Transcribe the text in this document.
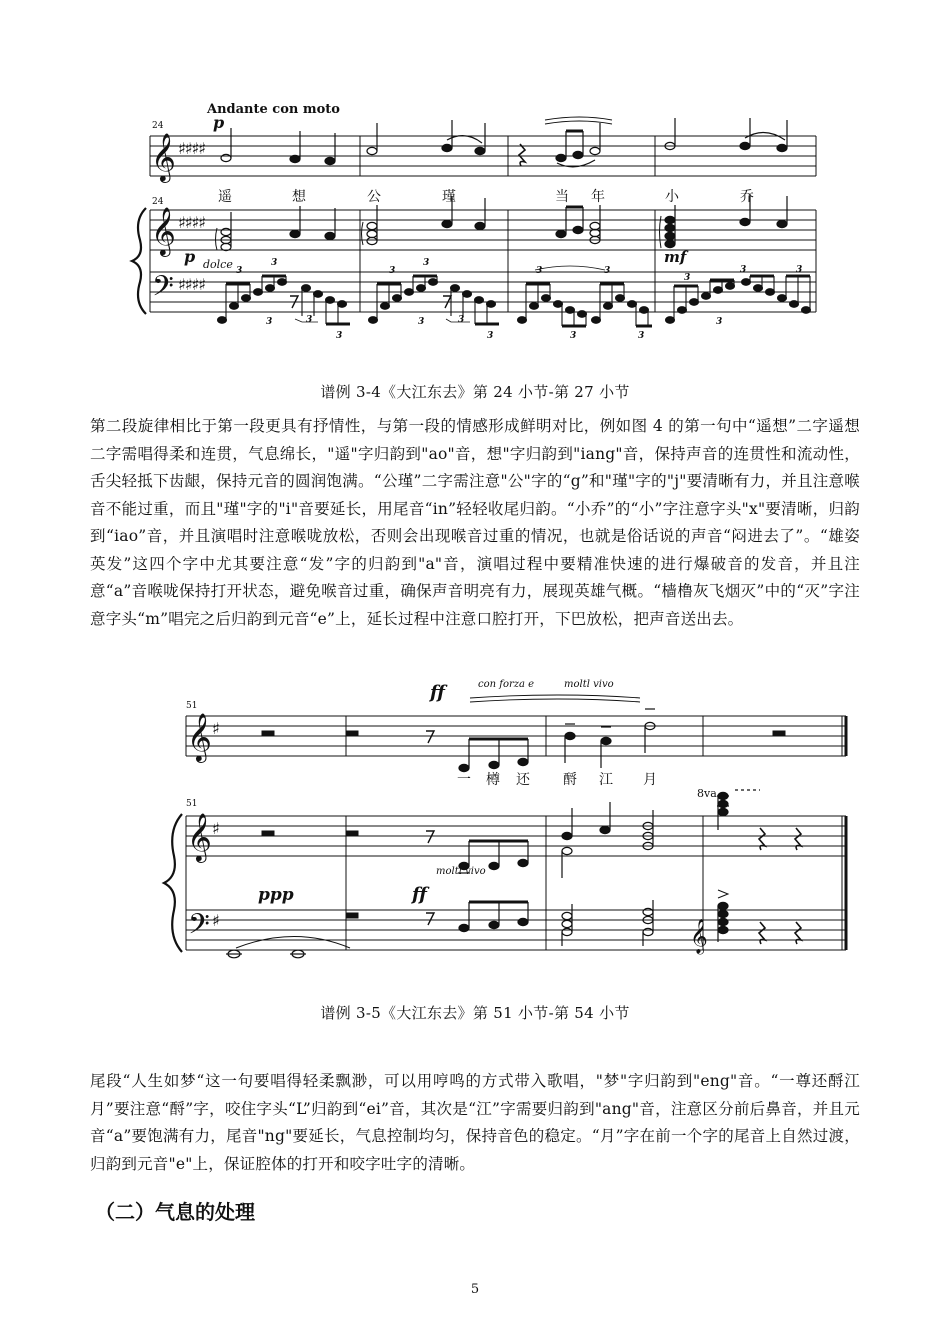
𝄞
𝄞
𝄢
♯♯♯♯
♯♯♯♯
♯♯♯♯
Andante con moto
24
24
p
p dolce	mf
遥	想	公	瑾	当 年	小	乔
3
3
3	3
3
3
3
3	3
3
3
3
3
3
3
3
3	3
𝄞
𝄞
𝄢	𝄞
♯
♯
♯
51
51
ff	con forza e	moltl vivo
moltl vivo
ppp	ff
8va
一 樽 还 酹 江 月
谱例 3-4《大江东去》第 24 小节-第 27 小节

第二段旋律相比于第一段更具有抒情性，与第一段的情感形成鲜明对比，例如图 4 的第一句中“遥想”二字遥想二字需唱得柔和连贯，气息绵长，"遥"字归韵到"ao"音，想"字归韵到"iang"音，保持声音的连贯性和流动性，舌尖轻抵下齿龈，保持元音的圆润饱满。“公瑾”二字需注意"公"字的“g”和"瑾"字的"j"要清晰有力，并且注意喉音不能过重，而且"瑾"字的"i"音要延长，用尾音“in”轻轻收尾归韵。“小乔”的“小”字注意字头"x"要清晰，归韵到“iao”音，并且演唱时注意喉咙放松，否则会出现喉音过重的情况，也就是俗话说的声音“闷进去了”。“雄姿英发”这四个字中尤其要注意“发”字的归韵到"a"音，演唱过程中要精准快速的进行爆破音的发音，并且注意“a”音喉咙保持打开状态，避免喉音过重，确保声音明亮有力，展现英雄气概。“樯橹灰飞烟灭”中的“灭”字注意字头“m”唱完之后归韵到元音“e”上，延长过程中注意口腔打开，下巴放松，把声音送出去。

谱例 3-5《大江东去》第 51 小节-第 54 小节

尾段“人生如梦“这一句要唱得轻柔飘渺，可以用哼鸣的方式带入歌唱，"梦"字归韵到"eng"音。“一尊还酹江月”要注意“酹”字，咬住字头“L”归韵到“ei”音，其次是“江”字需要归韵到"ang"音，注意区分前后鼻音，并且元音“a”要饱满有力，尾音"ng"要延长，气息控制均匀，保持音色的稳定。“月”字在前一个字的尾音上自然过渡，归韵到元音"e"上，保证腔体的打开和咬字吐字的清晰。

（二）气息的处理
5
